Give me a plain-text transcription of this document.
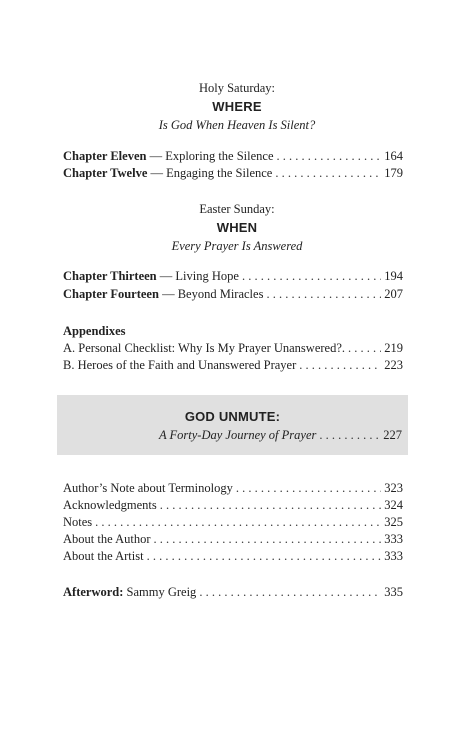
Holy Saturday:
WHERE
Is God When Heaven Is Silent?
Chapter Eleven — Exploring the Silence . . .	164
Chapter Twelve — Engaging the Silence . . .	179
Easter Sunday:
WHEN
Every Prayer Is Answered
Chapter Thirteen — Living Hope . . .	194
Chapter Fourteen — Beyond Miracles . . .	207
Appendixes
A. Personal Checklist: Why Is My Prayer Unanswered?. . . .	219
B. Heroes of the Faith and Unanswered Prayer . . .	223
GOD UNMUTE:
A Forty-Day Journey of Prayer . . .	227
Author’s Note about Terminology . . .	323
Acknowledgments . . .	324
Notes . . .	325
About the Author . . .	333
About the Artist . . .	333
Afterword: Sammy Greig . . .	335
